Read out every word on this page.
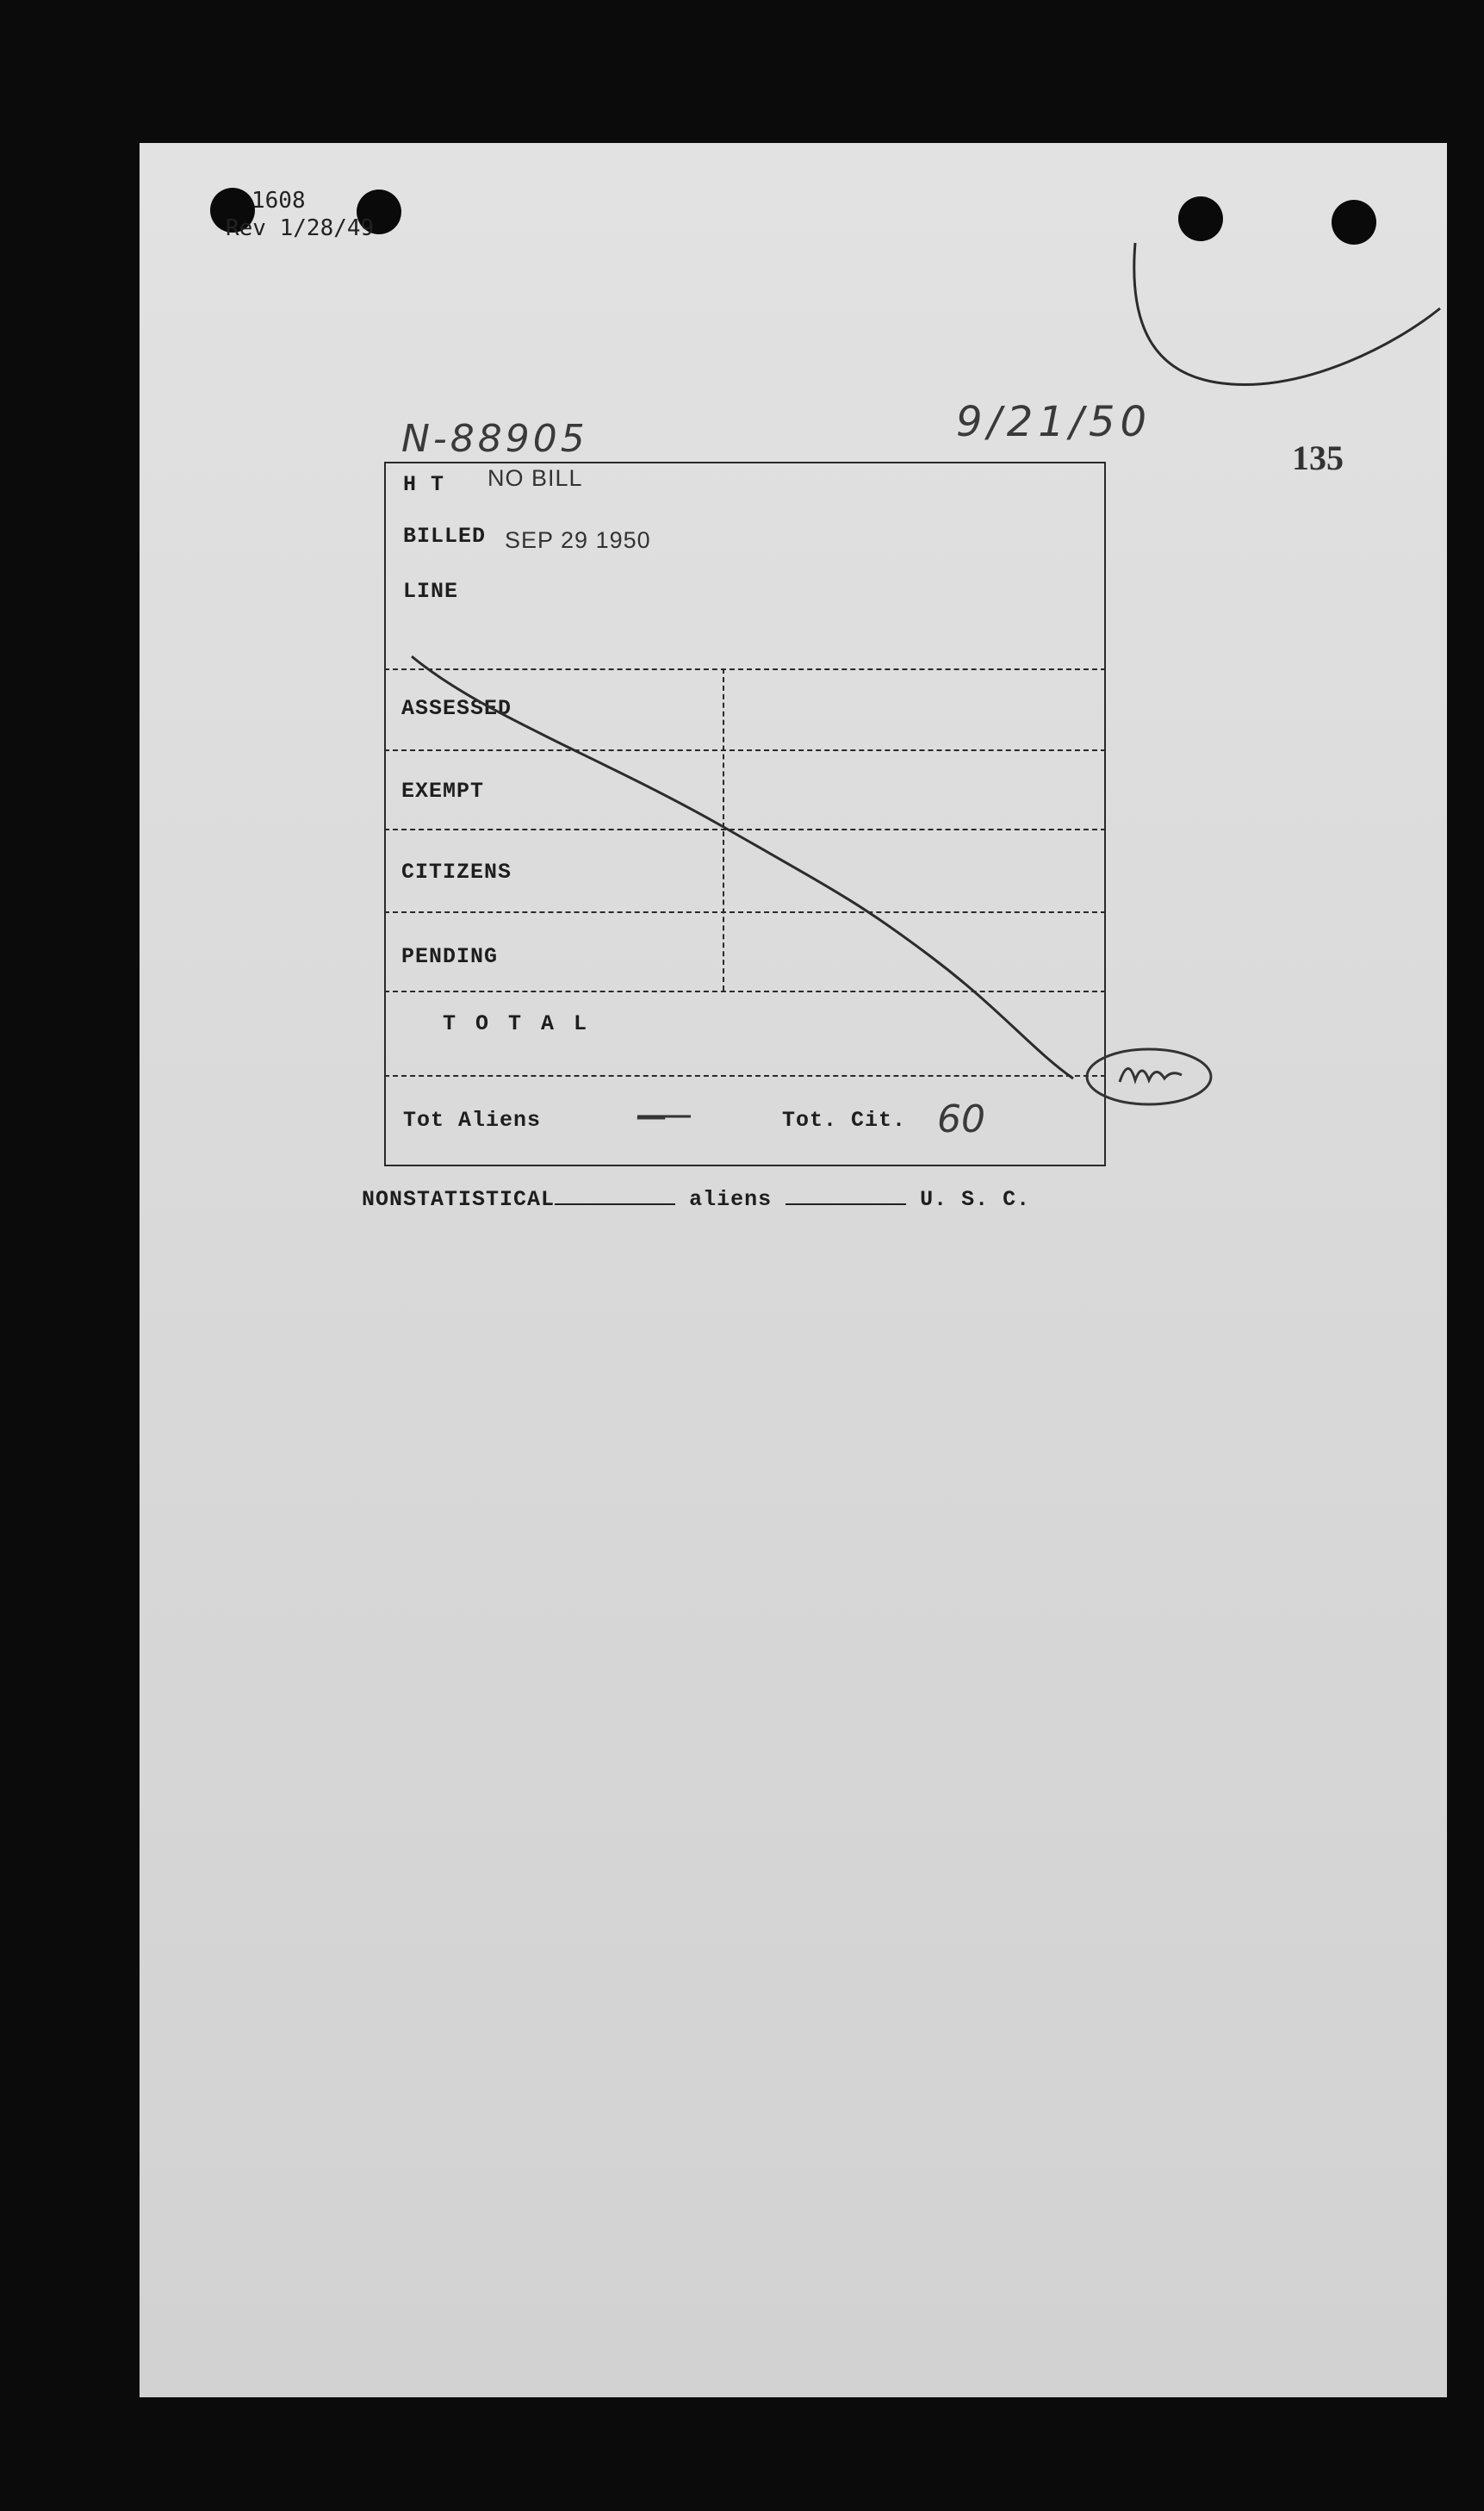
1608
Rev 1/28/49
N-88905	9/21/50
135
H T NO BILL
BILLED SEP 29 1950
LINE
ASSESSED
EXEMPT
CITIZENS
PENDING
T O T A L
Tot Aliens	—	Tot. Cit. 60
NONSTATISTICAL	aliens	U. S. C.
